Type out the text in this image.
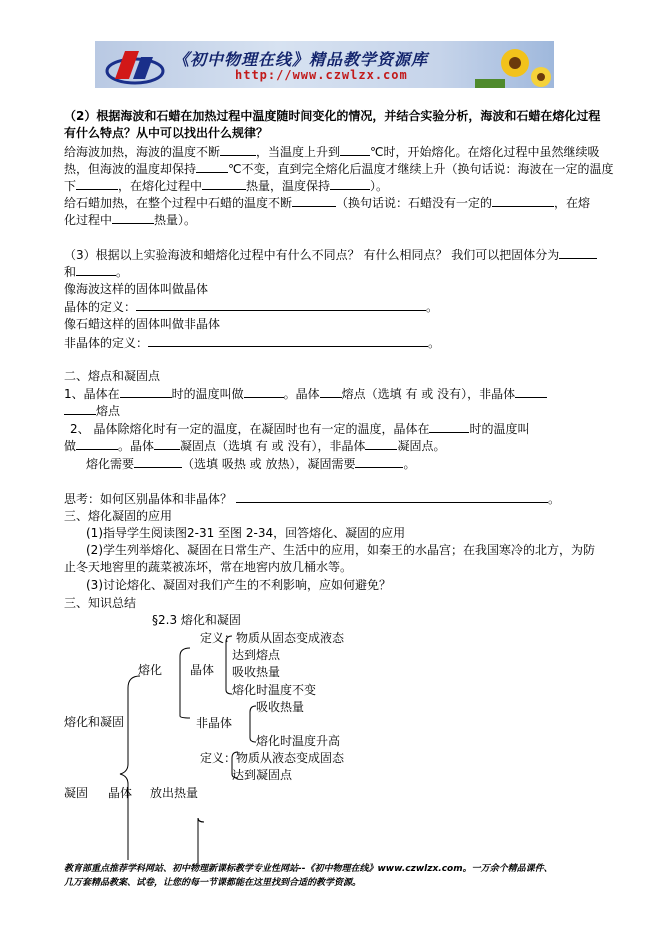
《初中物理在线》精品教学资源库
http://www.czwlzx.com
（2）根据海波和石蜡在加热过程中温度随时间变化的情况，并结合实验分析，海波和石蜡在熔化过程
有什么特点？从中可以找出什么规律？
给海波加热，海波的温度不断	，当温度上升到	℃时，开始熔化。在熔化过程中虽然继续吸
热，但海波的温度却保持	℃不变，直到完全熔化后温度才继续上升（换句话说：海波在一定的温度
下	，在熔化过程中	热量，温度保持	）。
给石蜡加热，在整个过程中石蜡的温度不断	（换句话说：石蜡没有一定的	，在熔
化过程中	热量）。
（3）根据以上实验海波和蜡熔化过程中有什么不同点？ 有什么相同点？ 我们可以把固体分为
和	。
像海波这样的固体叫做晶体
晶体的定义：	。
像石蜡这样的固体叫做非晶体
非晶体的定义：	。
二、熔点和凝固点
1、晶体在	时的温度叫做	。晶体 熔点（选填 有 或 没有），非晶体
熔点
2、 晶体除熔化时有一定的温度，在凝固时也有一定的温度，晶体在	时的温度叫
做	。晶体 凝固点（选填 有 或 没有），非晶体	凝固点。
熔化需要	（选填 吸热 或 放热），凝固需要	。
思考：如何区别晶体和非晶体？	。
三、熔化凝固的应用
(1)指导学生阅读图2-31 至图 2-34，回答熔化、凝固的应用
(2)学生列举熔化、凝固在日常生产、生活中的应用，如秦王的水晶宫；在我国寒冷的北方，为防
止冬天地窖里的蔬菜被冻坏，常在地窖内放几桶水等。
(3)讨论熔化、凝固对我们产生的不利影响，应如何避免？
三、知识总结
§2.3 熔化和凝固
熔化和凝固
熔化 晶体
非晶体
定义：物质从固态变成液态
达到熔点
吸收热量
熔化时温度不变
吸收热量
熔化时温度升高
定义：物质从液态变成固态
达到凝固点
凝固 晶体 放出热量
教育部重点推荐学科网站、初中物理新课标教学专业性网站--《初中物理在线》www.czwlzx.com。一万余个精品课件、
几万套精品教案、试卷，让您的每一节课都能在这里找到合适的教学资源。
